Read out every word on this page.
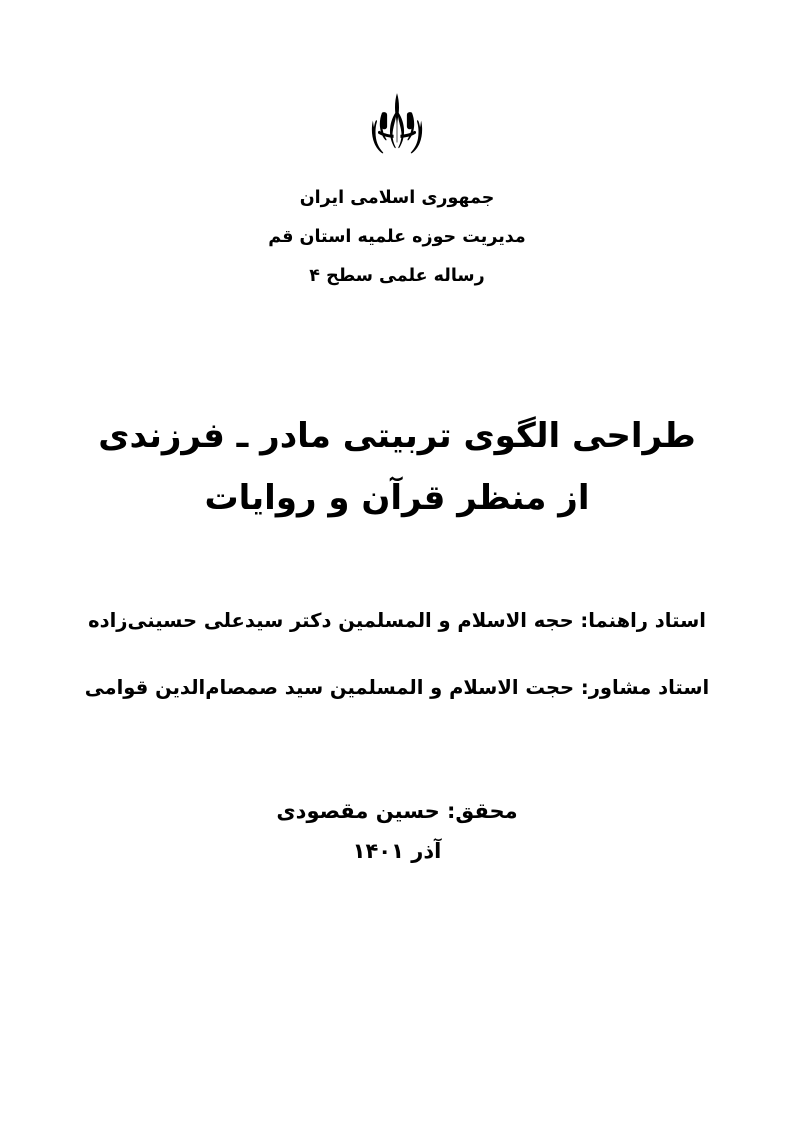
جمهوری اسلامی ایران
مدیریت حوزه علمیه استان قم
رساله علمی سطح ۴
طراحی الگوی تربیتی مادر ـ فرزندی
از منظر قرآن و روایات
استاد راهنما: حجه الاسلام و المسلمین دکتر سیدعلی حسینی‌زاده
استاد مشاور: حجت الاسلام و المسلمین سید صمصام‌الدین قوامی
محقق: حسین مقصودی
آذر ۱۴۰۱
